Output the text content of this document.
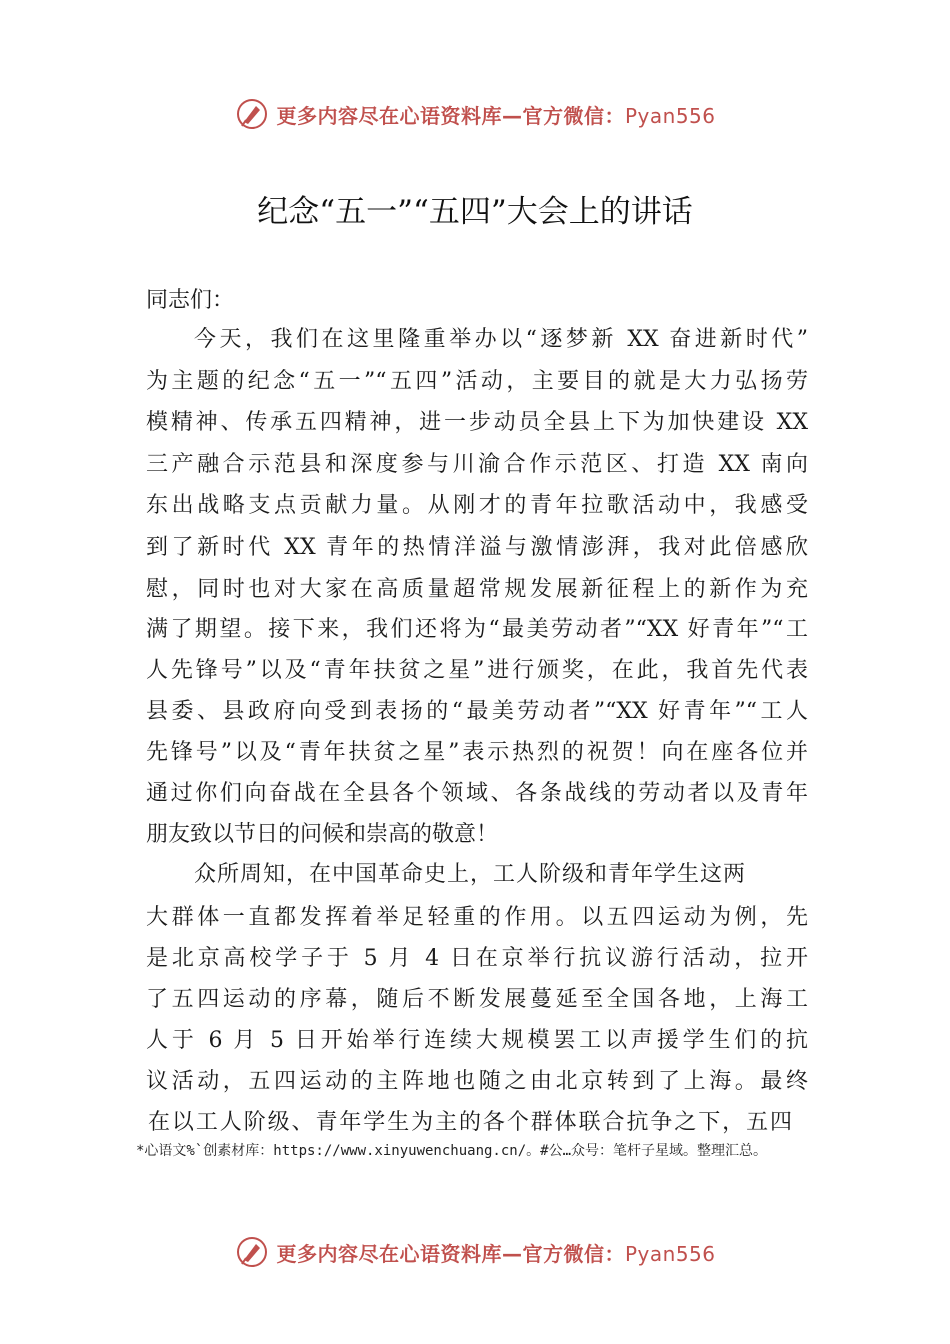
更多内容尽在心语资料库—官方微信：Pyan556
纪念“五一”“五四”大会上的讲话
同志们：
今天，我们在这里隆重举办以“逐梦新 XX 奋进新时代”
为主题的纪念“五一”“五四”活动，主要目的就是大力弘扬劳
模精神、传承五四精神，进一步动员全县上下为加快建设 XX
三产融合示范县和深度参与川渝合作示范区、打造 XX 南向
东出战略支点贡献力量。从刚才的青年拉歌活动中，我感受
到了新时代 XX 青年的热情洋溢与激情澎湃，我对此倍感欣
慰，同时也对大家在高质量超常规发展新征程上的新作为充
满了期望。接下来，我们还将为“最美劳动者”“XX 好青年”“工
人先锋号”以及“青年扶贫之星”进行颁奖，在此，我首先代表
县委、县政府向受到表扬的“最美劳动者”“XX 好青年”“工人
先锋号”以及“青年扶贫之星”表示热烈的祝贺！向在座各位并
通过你们向奋战在全县各个领域、各条战线的劳动者以及青年
朋友致以节日的问候和崇高的敬意！
众所周知，在中国革命史上，工人阶级和青年学生这两
大群体一直都发挥着举足轻重的作用。以五四运动为例，先
是北京高校学子于 5 月 4 日在京举行抗议游行活动，拉开
了五四运动的序幕，随后不断发展蔓延至全国各地，上海工
人于 6 月 5 日开始举行连续大规模罢工以声援学生们的抗
议活动，五四运动的主阵地也随之由北京转到了上海。最终
在以工人阶级、青年学生为主的各个群体联合抗争之下，五四
*心语文%`创素材库：https://www.xinyuwenchuang.cn/。#公…众号：笔杆子星域。整理汇总。
更多内容尽在心语资料库—官方微信：Pyan556
